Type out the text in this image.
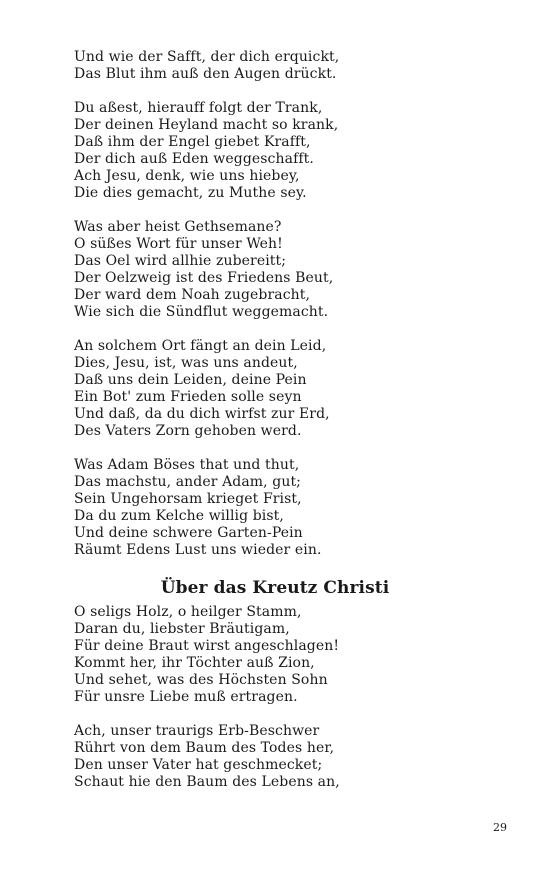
Und wie der Safft, der dich erquickt,
Das Blut ihm auß den Augen drückt.
Du aßest, hierauff folgt der Trank,
Der deinen Heyland macht so krank,
Daß ihm der Engel giebet Krafft,
Der dich auß Eden weggeschafft.
Ach Jesu, denk, wie uns hiebey,
Die dies gemacht, zu Muthe sey.
Was aber heist Gethsemane?
O süßes Wort für unser Weh!
Das Oel wird allhie zubereitt;
Der Oelzweig ist des Friedens Beut,
Der ward dem Noah zugebracht,
Wie sich die Sündflut weggemacht.
An solchem Ort fängt an dein Leid,
Dies, Jesu, ist, was uns andeut,
Daß uns dein Leiden, deine Pein
Ein Bot' zum Frieden solle seyn
Und daß, da du dich wirfst zur Erd,
Des Vaters Zorn gehoben werd.
Was Adam Böses that und thut,
Das machstu, ander Adam, gut;
Sein Ungehorsam krieget Frist,
Da du zum Kelche willig bist,
Und deine schwere Garten-Pein
Räumt Edens Lust uns wieder ein.
Über das Kreutz Christi
O seligs Holz, o heilger Stamm,
Daran du, liebster Bräutigam,
Für deine Braut wirst angeschlagen!
Kommt her, ihr Töchter auß Zion,
Und sehet, was des Höchsten Sohn
Für unsre Liebe muß ertragen.
Ach, unser traurigs Erb-Beschwer
Rührt von dem Baum des Todes her,
Den unser Vater hat geschmecket;
Schaut hie den Baum des Lebens an,
29
